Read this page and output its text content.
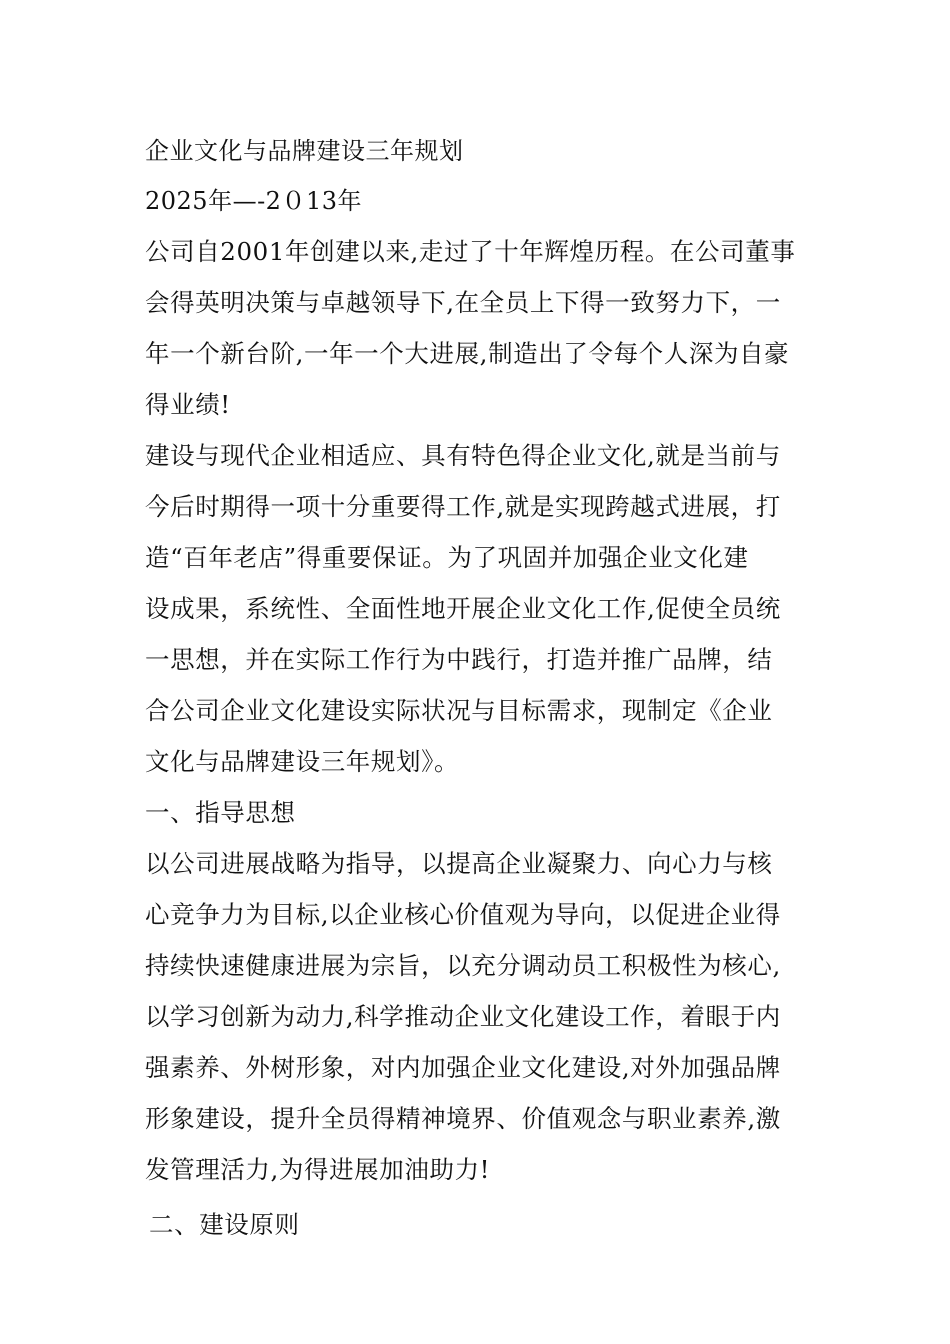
企业文化与品牌建设三年规划
2025年—-2０13年
公司自2001年创建以来,走过了十年辉煌历程。在公司董事
会得英明决策与卓越领导下,在全员上下得一致努力下，一
年一个新台阶,一年一个大进展,制造出了令每个人深为自豪
得业绩!
建设与现代企业相适应、具有特色得企业文化,就是当前与
今后时期得一项十分重要得工作,就是实现跨越式进展，打
造“百年老店”得重要保证。为了巩固并加强企业文化建
设成果，系统性、全面性地开展企业文化工作,促使全员统
一思想，并在实际工作行为中践行，打造并推广品牌，结
合公司企业文化建设实际状况与目标需求，现制定《企业
文化与品牌建设三年规划》。
一、指导思想
以公司进展战略为指导，以提高企业凝聚力、向心力与核
心竞争力为目标,以企业核心价值观为导向，以促进企业得
持续快速健康进展为宗旨，以充分调动员工积极性为核心,
以学习创新为动力,科学推动企业文化建设工作，着眼于内
强素养、外树形象，对内加强企业文化建设,对外加强品牌
形象建设，提升全员得精神境界、价值观念与职业素养,激
发管理活力,为得进展加油助力!
二、建设原则
